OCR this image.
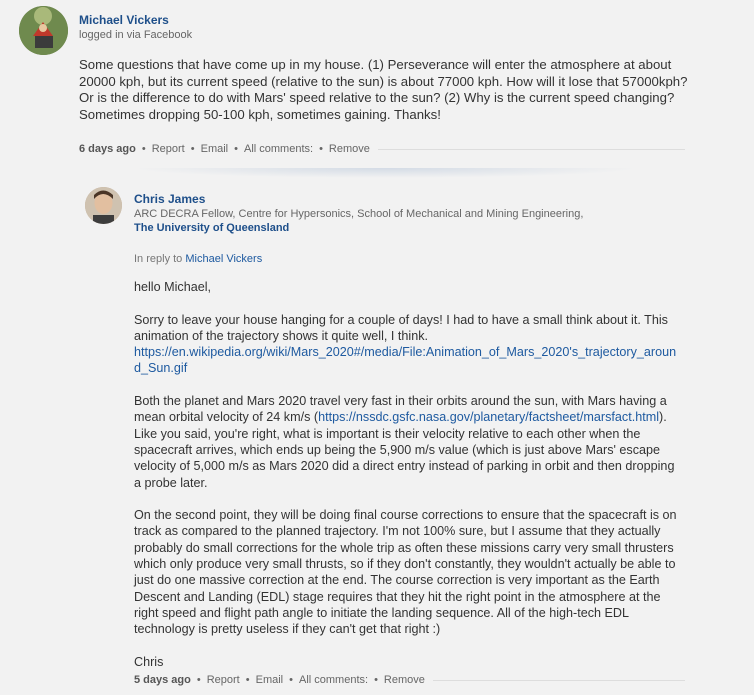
Michael Vickers
logged in via Facebook

Some questions that have come up in my house. (1) Perseverance will enter the atmosphere at about 20000 kph, but its current speed (relative to the sun) is about 77000 kph. How will it lose that 57000kph? Or is the difference to do with Mars' speed relative to the sun? (2) Why is the current speed changing? Sometimes dropping 50-100 kph, sometimes gaining. Thanks!

6 days ago • Report • Email • All comments: • Remove
Chris James
ARC DECRA Fellow, Centre for Hypersonics, School of Mechanical and Mining Engineering,
The University of Queensland
In reply to Michael Vickers

hello Michael,

Sorry to leave your house hanging for a couple of days! I had to have a small think about it. This animation of the trajectory shows it quite well, I think.
https://en.wikipedia.org/wiki/Mars_2020#/media/File:Animation_of_Mars_2020's_trajectory_around_Sun.gif

Both the planet and Mars 2020 travel very fast in their orbits around the sun, with Mars having a mean orbital velocity of 24 km/s (https://nssdc.gsfc.nasa.gov/planetary/factsheet/marsfact.html). Like you said, you're right, what is important is their velocity relative to each other when the spacecraft arrives, which ends up being the 5,900 m/s value (which is just above Mars' escape velocity of 5,000 m/s as Mars 2020 did a direct entry instead of parking in orbit and then dropping a probe later.

On the second point, they will be doing final course corrections to ensure that the spacecraft is on track as compared to the planned trajectory. I'm not 100% sure, but I assume that they actually probably do small corrections for the whole trip as often these missions carry very small thrusters which only produce very small thrusts, so if they don't constantly, they wouldn't actually be able to just do one massive correction at the end. The course correction is very important as the Earth Descent and Landing (EDL) stage requires that they hit the right point in the atmosphere at the right speed and flight path angle to initiate the landing sequence. All of the high-tech EDL technology is pretty useless if they can't get that right :)

Chris

5 days ago • Report • Email • All comments: • Remove
